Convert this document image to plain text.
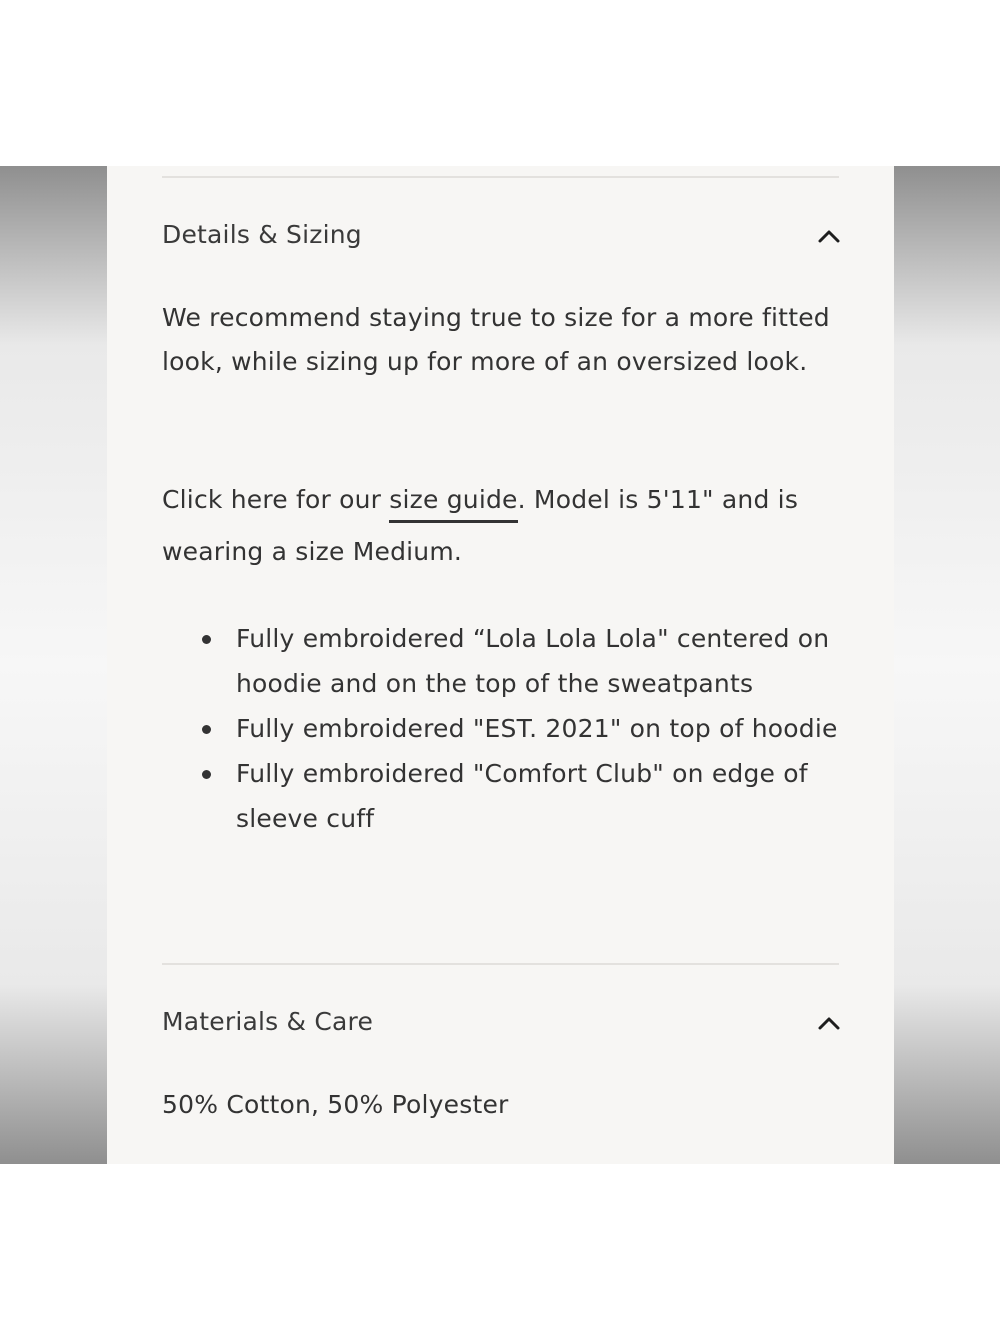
Details & Sizing
We recommend staying true to size for a more fitted look, while sizing up for more of an oversized look.
Click here for our size guide. Model is 5'11" and is wearing a size Medium.
Fully embroidered “Lola Lola Lola" centered on hoodie and on the top of the sweatpants
Fully embroidered "EST. 2021" on top of hoodie
Fully embroidered "Comfort Club" on edge of sleeve cuff
Materials & Care
50% Cotton, 50% Polyester
